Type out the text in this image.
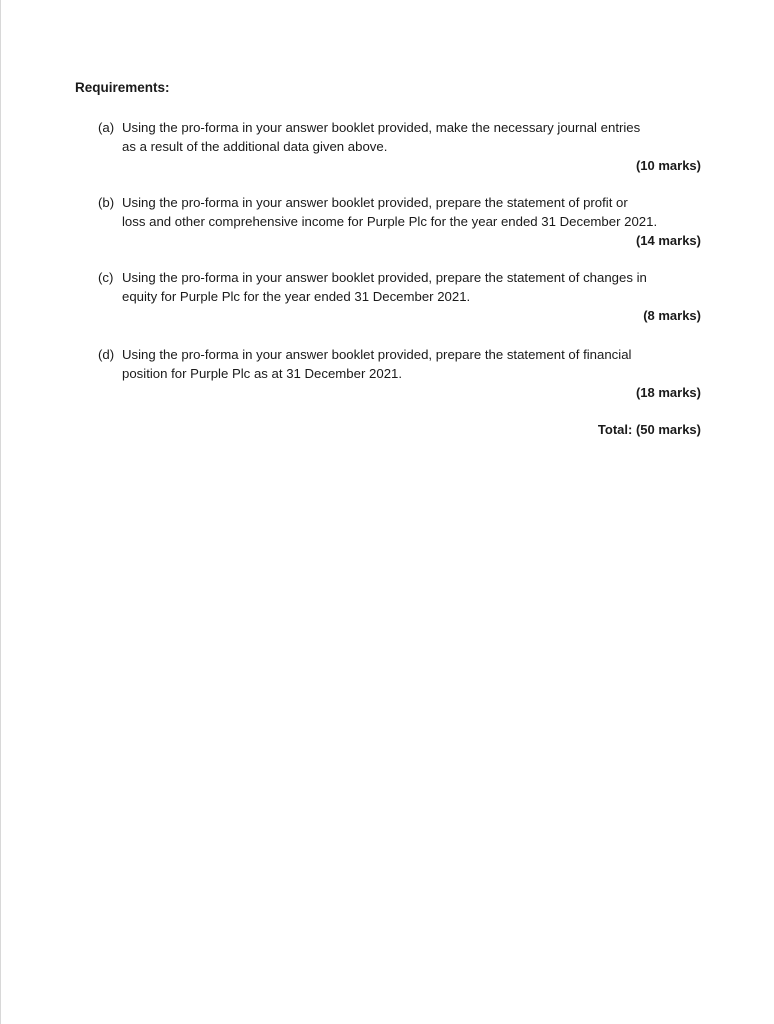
Requirements:
(a) Using the pro-forma in your answer booklet provided, make the necessary journal entries
as a result of the additional data given above.
(10 marks)
(b) Using the pro-forma in your answer booklet provided, prepare the statement of profit or
loss and other comprehensive income for Purple Plc for the year ended 31 December 2021.
(14 marks)
(c) Using the pro-forma in your answer booklet provided, prepare the statement of changes in
equity for Purple Plc for the year ended 31 December 2021.
(8 marks)
(d) Using the pro-forma in your answer booklet provided, prepare the statement of financial
position for Purple Plc as at 31 December 2021.
(18 marks)
Total: (50 marks)
